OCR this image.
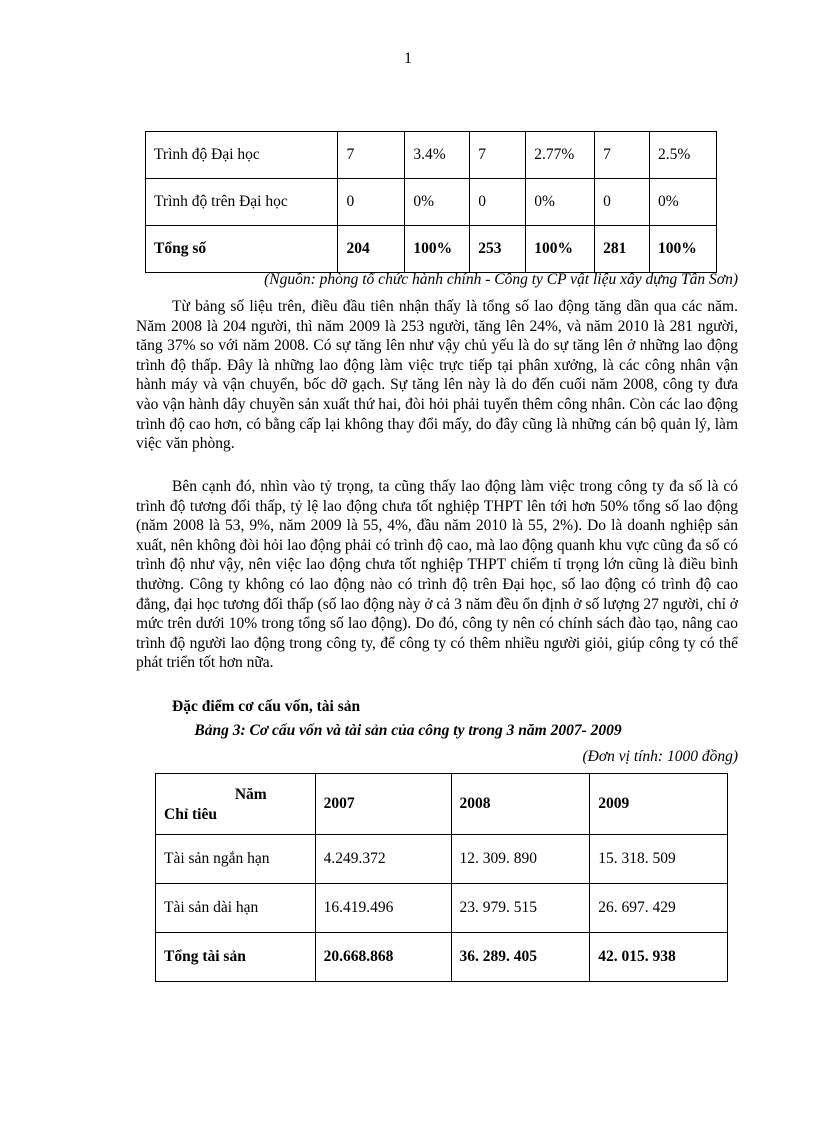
1
Trình độ Đại học	7	3.4%	7	2.77%	7	2.5%
Trình độ trên Đại học	0	0%	0	0%	0	0%
Tổng số	204	100%	253	100%	281	100%
(Nguồn: phòng tổ chức hành chính - Công ty CP vật liệu xây dựng Tân Sơn)

Từ bảng số liệu trên, điều đầu tiên nhận thấy là tổng số lao động tăng dần qua các năm. Năm 2008 là 204 người, thì năm 2009 là 253 người, tăng lên 24%, và năm 2010 là 281 người, tăng 37% so với năm 2008. Có sự tăng lên như vậy chủ yếu là do sự tăng lên ở những lao động trình độ thấp. Đây là những lao động làm việc trực tiếp tại phân xưởng, là các công nhân vận hành máy và vận chuyển, bốc dỡ gạch. Sự tăng lên này là do đến cuối năm 2008, công ty đưa vào vận hành dây chuyền sản xuất thứ hai, đòi hỏi phải tuyển thêm công nhân. Còn các lao động trình độ cao hơn, có bằng cấp lại không thay đổi mấy, do đây cũng là những cán bộ quản lý, làm việc văn phòng.

Bên cạnh đó, nhìn vào tỷ trọng, ta cũng thấy lao động làm việc trong công ty đa số là có trình độ tương đối thấp, tỷ lệ lao động chưa tốt nghiệp THPT lên tới hơn 50% tổng số lao động (năm 2008 là 53, 9%, năm 2009 là 55, 4%, đầu năm 2010 là 55, 2%). Do là doanh nghiệp sản xuất, nên không đòi hỏi lao động phải có trình độ cao, mà lao động quanh khu vực cũng đa số có trình độ như vậy, nên việc lao động chưa tốt nghiệp THPT chiếm tỉ trọng lớn cũng là điều bình thường. Công ty không có lao động nào có trình độ trên Đại học, số lao động có trình độ cao đẳng, đại học tương đối thấp (số lao động này ở cả 3 năm đều ổn định ở số lượng 27 người, chỉ ở mức trên dưới 10% trong tổng số lao động). Do đó, công ty nên có chính sách đào tạo, nâng cao trình độ người lao động trong công ty, để công ty có thêm nhiều người giỏi, giúp công ty có thể phát triển tốt hơn nữa.

Đặc điểm cơ cấu vốn, tài sản
Bảng 3: Cơ cấu vốn và tài sản của công ty trong 3 năm 2007- 2009
(Đơn vị tính: 1000 đồng)
Năm
Chỉ tiêu	2007	2008	2009
Tài sản ngắn hạn	4.249.372	12. 309. 890	15. 318. 509
Tài sản dài hạn	16.419.496	23. 979. 515	26. 697. 429
Tổng tài sản	20.668.868	36. 289. 405	42. 015. 938
